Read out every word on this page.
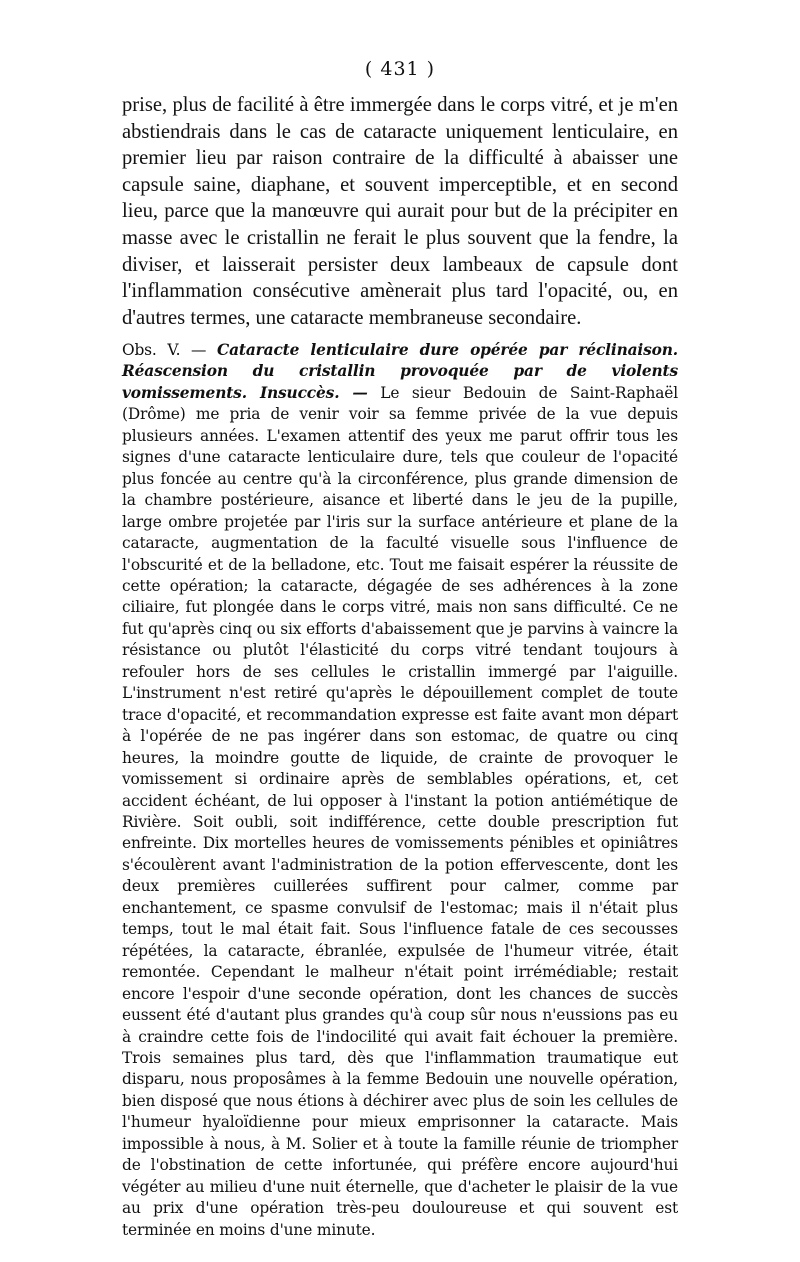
( 431 )

prise, plus de facilité à être immergée dans le corps vitré, et je m'en abstiendrais dans le cas de cataracte uniquement lenticulaire, en premier lieu par raison contraire de la difficulté à abaisser une capsule saine, diaphane, et souvent imperceptible, et en second lieu, parce que la manœuvre qui aurait pour but de la précipiter en masse avec le cristallin ne ferait le plus souvent que la fendre, la diviser, et laisserait persister deux lambeaux de capsule dont l'inflammation consécutive amènerait plus tard l'opacité, ou, en d'autres termes, une cataracte membraneuse secondaire.

Obs. V. — Cataracte lenticulaire dure opérée par réclinaison. Réascension du cristallin provoquée par de violents vomissements. Insuccès. — Le sieur Bedouin de Saint-Raphaël (Drôme) me pria de venir voir sa femme privée de la vue depuis plusieurs années. L'examen attentif des yeux me parut offrir tous les signes d'une cataracte lenticulaire dure, tels que couleur de l'opacité plus foncée au centre qu'à la circonférence, plus grande dimension de la chambre postérieure, aisance et liberté dans le jeu de la pupille, large ombre projetée par l'iris sur la surface antérieure et plane de la cataracte, augmentation de la faculté visuelle sous l'influence de l'obscurité et de la belladone, etc. Tout me faisait espérer la réussite de cette opération; la cataracte, dégagée de ses adhérences à la zone ciliaire, fut plongée dans le corps vitré, mais non sans difficulté. Ce ne fut qu'après cinq ou six efforts d'abaissement que je parvins à vaincre la résistance ou plutôt l'élasticité du corps vitré tendant toujours à refouler hors de ses cellules le cristallin immergé par l'aiguille. L'instrument n'est retiré qu'après le dépouillement complet de toute trace d'opacité, et recommandation expresse est faite avant mon départ à l'opérée de ne pas ingérer dans son estomac, de quatre ou cinq heures, la moindre goutte de liquide, de crainte de provoquer le vomissement si ordinaire après de semblables opérations, et, cet accident échéant, de lui opposer à l'instant la potion antiémétique de Rivière. Soit oubli, soit indifférence, cette double prescription fut enfreinte. Dix mortelles heures de vomissements pénibles et opiniâtres s'écoulèrent avant l'administration de la potion effervescente, dont les deux premières cuillerées suffirent pour calmer, comme par enchantement, ce spasme convulsif de l'estomac; mais il n'était plus temps, tout le mal était fait. Sous l'influence fatale de ces secousses répétées, la cataracte, ébranlée, expulsée de l'humeur vitrée, était remontée. Cependant le malheur n'était point irrémédiable; restait encore l'espoir d'une seconde opération, dont les chances de succès eussent été d'autant plus grandes qu'à coup sûr nous n'eussions pas eu à craindre cette fois de l'indocilité qui avait fait échouer la première. Trois semaines plus tard, dès que l'inflammation traumatique eut disparu, nous proposâmes à la femme Bedouin une nouvelle opération, bien disposé que nous étions à déchirer avec plus de soin les cellules de l'humeur hyaloïdienne pour mieux emprisonner la cataracte. Mais impossible à nous, à M. Solier et à toute la famille réunie de triompher de l'obstination de cette infortunée, qui préfère encore aujourd'hui végéter au milieu d'une nuit éternelle, que d'acheter le plaisir de la vue au prix d'une opération très-peu douloureuse et qui souvent est terminée en moins d'une minute.
